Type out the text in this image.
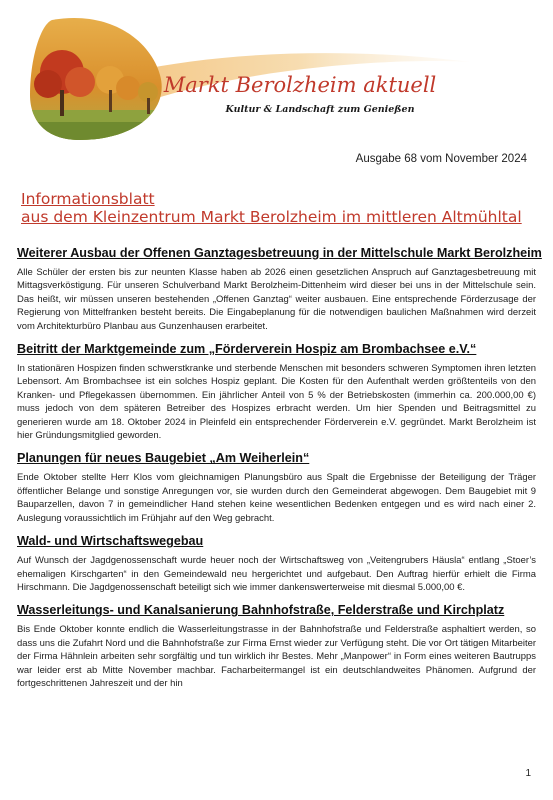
Markt Berolzheim aktuell
Kultur & Landschaft zum Genießen
Ausgabe 68 vom November 2024
Informationsblatt
aus dem Kleinzentrum Markt Berolzheim im mittleren Altmühltal
Weiterer Ausbau der Offenen Ganztagesbetreuung in der Mittelschule Markt Berolzheim

Alle Schüler der ersten bis zur neunten Klasse haben ab 2026 einen gesetzlichen Anspruch auf Ganztagesbetreuung mit Mittagsverköstigung. Für unseren Schulverband Markt Berolzheim-Dittenheim wird dieser bei uns in der Mittelschule sein. Das heißt, wir müssen unseren bestehenden „Offenen Ganztag“ weiter ausbauen. Eine entsprechende Förderzusage der Regierung von Mittelfranken besteht bereits. Die Eingabeplanung für die notwendigen baulichen Maßnahmen wird derzeit vom Architekturbüro Planbau aus Gunzenhausen erarbeitet.

Beitritt der Marktgemeinde zum „Förderverein Hospiz am Brombachsee e.V.“

In stationären Hospizen finden schwerstkranke und sterbende Menschen mit besonders schweren Symptomen ihren letzten Lebensort. Am Brombachsee ist ein solches Hospiz geplant. Die Kosten für den Aufenthalt werden größtenteils von den Kranken- und Pflegekassen übernommen. Ein jährlicher Anteil von 5 % der Betriebskosten (immerhin ca. 200.000,00 €) muss jedoch von dem späteren Betreiber des Hospizes erbracht werden. Um hier Spenden und Beitragsmittel zu generieren wurde am 18. Oktober 2024 in Pleinfeld ein entsprechender Förderverein e.V. gegründet. Markt Berolzheim ist hier Gründungsmitglied geworden.

Planungen für neues Baugebiet „Am Weiherlein“

Ende Oktober stellte Herr Klos vom gleichnamigen Planungsbüro aus Spalt die Ergebnisse der Beteiligung der Träger öffentlicher Belange und sonstige Anregungen vor, sie wurden durch den Gemeinderat abgewogen. Dem Baugebiet mit 9 Bauparzellen, davon 7 in gemeindlicher Hand stehen keine wesentlichen Bedenken entgegen und es wird nach einer 2. Auslegung voraussichtlich im Frühjahr auf den Weg gebracht.

Wald- und Wirtschaftswegebau

Auf Wunsch der Jagdgenossenschaft wurde heuer noch der Wirtschaftsweg von „Veitengrubers Häusla“ entlang „Stoer’s ehemaligen Kirschgarten“ in den Gemeindewald neu hergerichtet und aufgebaut. Den Auftrag hierfür erhielt die Firma Hirschmann. Die Jagdgenossenschaft beteiligt sich wie immer dankenswerterweise mit diesmal 5.000,00 €.

Wasserleitungs- und Kanalsanierung Bahnhofstraße, Felderstraße und Kirchplatz

Bis Ende Oktober konnte endlich die Wasserleitungstrasse in der Bahnhofstraße und Felderstraße asphaltiert werden, so dass uns die Zufahrt Nord und die Bahnhofstraße zur Firma Ernst wieder zur Verfügung steht. Die vor Ort tätigen Mitarbeiter der Firma Hähnlein arbeiten sehr sorgfältig und tun wirklich ihr Bestes. Mehr „Manpower“ in Form eines weiteren Bautrupps war leider erst ab Mitte November machbar. Facharbeitermangel ist ein deutschlandweites Phänomen. Aufgrund der fortgeschrittenen Jahreszeit und der hin

1
